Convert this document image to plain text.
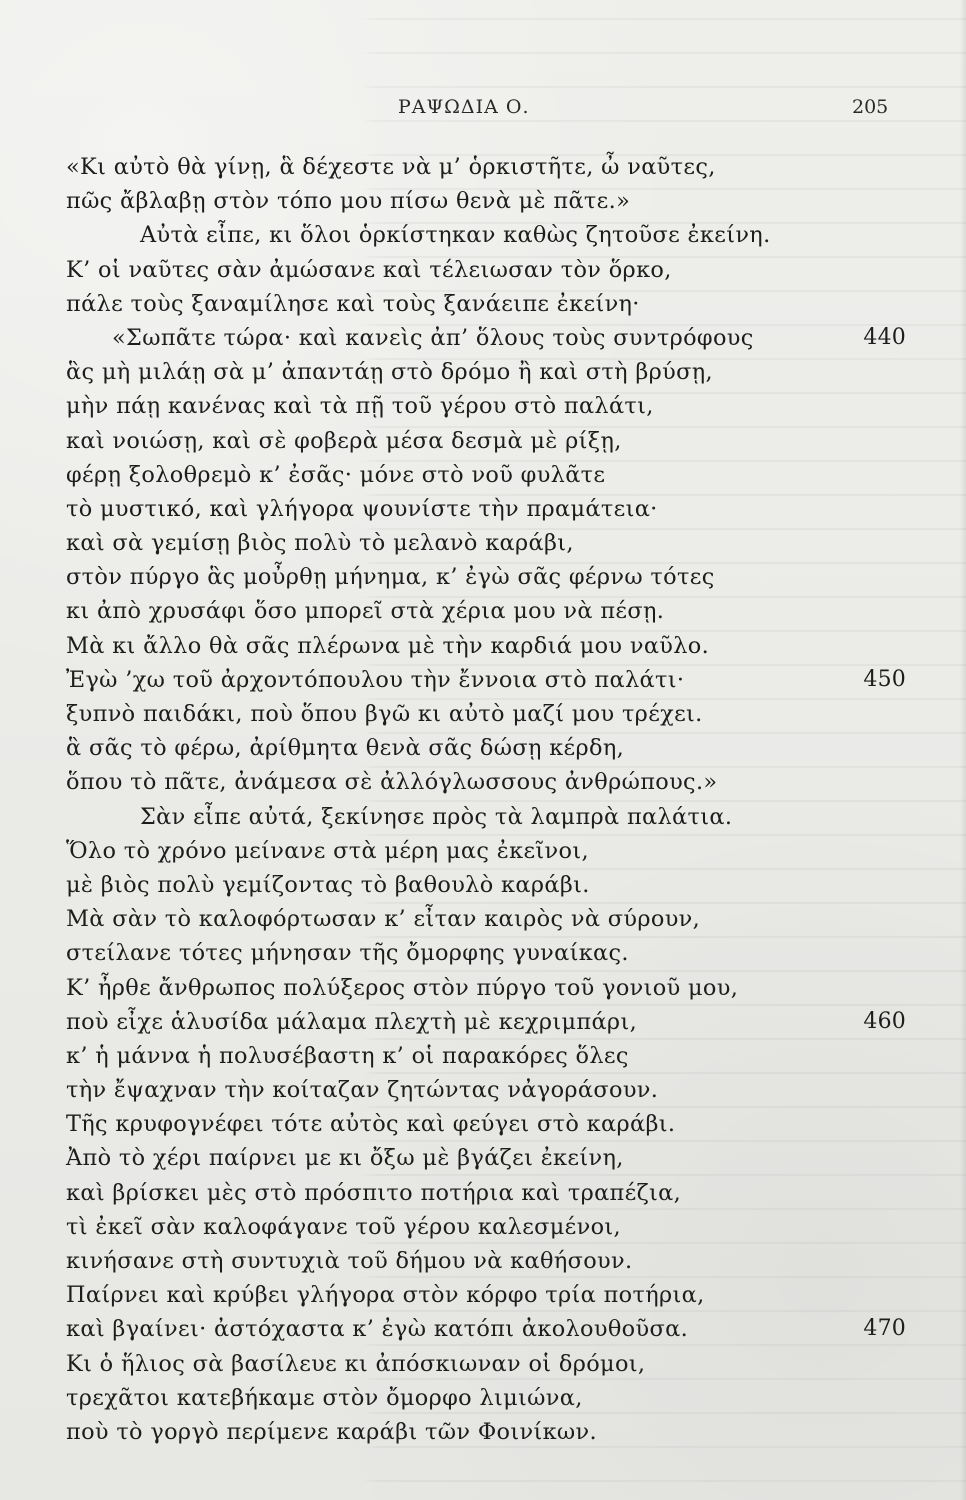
ΡΑΨΩΔΙΑ Ο.	205
«Κι αὐτὸ θὰ γίνῃ, ἃ δέχεστε νὰ μ’ ὁρκιστῆτε, ὦ ναῦτες,
πῶς ἄβλαβῃ στὸν τόπο μου πίσω θενὰ μὲ πᾶτε.»
Αὐτὰ εἶπε, κι ὅλοι ὁρκίστηκαν καθὼς ζητοῦσε ἐκείνη.
Κ’ οἱ ναῦτες σὰν ἀμώσανε καὶ τέλειωσαν τὸν ὅρκο,
πάλε τοὺς ξαναμίλησε καὶ τοὺς ξανάειπε ἐκείνη·
«Σωπᾶτε τώρα· καὶ κανεὶς ἀπ’ ὅλους τοὺς συντρόφους	440
ἃς μὴ μιλάῃ σὰ μ’ ἀπαντάῃ στὸ δρόμο ἢ καὶ στὴ βρύσῃ,
μὴν πάῃ κανένας καὶ τὰ πῇ τοῦ γέρου στὸ παλάτι,
καὶ νοιώσῃ, καὶ σὲ φοβερὰ μέσα δεσμὰ μὲ ρίξῃ,
φέρῃ ξολοθρεμὸ κ’ ἐσᾶς· μόνε στὸ νοῦ φυλᾶτε
τὸ μυστικό, καὶ γλήγορα ψουνίστε τὴν πραμάτεια·
καὶ σὰ γεμίσῃ βιὸς πολὺ τὸ μελανὸ καράβι,
στὸν πύργο ἃς μοὖρθῃ μήνημα, κ’ ἐγὼ σᾶς φέρνω τότες
κι ἀπὸ χρυσάφι ὅσο μπορεῖ στὰ χέρια μου νὰ πέσῃ.
Μὰ κι ἄλλο θὰ σᾶς πλέρωνα μὲ τὴν καρδιά μου ναῦλο.
Ἐγὼ ’χω τοῦ ἀρχοντόπουλου τὴν ἔννοια στὸ παλάτι·	450
ξυπνὸ παιδάκι, ποὺ ὅπου βγῶ κι αὐτὸ μαζί μου τρέχει.
ἃ σᾶς τὸ φέρω, ἀρίθμητα θενὰ σᾶς δώσῃ κέρδη,
ὅπου τὸ πᾶτε, ἀνάμεσα σὲ ἀλλόγλωσσους ἀνθρώπους.»
Σὰν εἶπε αὐτά, ξεκίνησε πρὸς τὰ λαμπρὰ παλάτια.
Ὅλο τὸ χρόνο μείνανε στὰ μέρη μας ἐκεῖνοι,
μὲ βιὸς πολὺ γεμίζοντας τὸ βαθουλὸ καράβι.
Μὰ σὰν τὸ καλοφόρτωσαν κ’ εἶταν καιρὸς νὰ σύρουν,
στείλανε τότες μήνησαν τῆς ὄμορφης γυναίκας.
Κ’ ἦρθε ἄνθρωπος πολύξερος στὸν πύργο τοῦ γονιοῦ μου,
ποὺ εἶχε ἁλυσίδα μάλαμα πλεχτὴ μὲ κεχριμπάρι,	460
κ’ ἡ μάννα ἡ πολυσέβαστη κ’ οἱ παρακόρες ὅλες
τὴν ἔψαχναν τὴν κοίταζαν ζητώντας νἀγοράσουν.
Τῆς κρυφογνέφει τότε αὐτὸς καὶ φεύγει στὸ καράβι.
Ἀπὸ τὸ χέρι παίρνει με κι ὄξω μὲ βγάζει ἐκείνη,
καὶ βρίσκει μὲς στὸ πρόσπιτο ποτήρια καὶ τραπέζια,
τὶ ἐκεῖ σὰν καλοφάγανε τοῦ γέρου καλεσμένοι,
κινήσανε στὴ συντυχιὰ τοῦ δήμου νὰ καθήσουν.
Παίρνει καὶ κρύβει γλήγορα στὸν κόρφο τρία ποτήρια,
καὶ βγαίνει· ἀστόχαστα κ’ ἐγὼ κατόπι ἀκολουθοῦσα.	470
Κι ὁ ἥλιος σὰ βασίλευε κι ἀπόσκιωναν οἱ δρόμοι,
τρεχᾶτοι κατεβήκαμε στὸν ὄμορφο λιμιώνα,
ποὺ τὸ γοργὸ περίμενε καράβι τῶν Φοινίκων.
